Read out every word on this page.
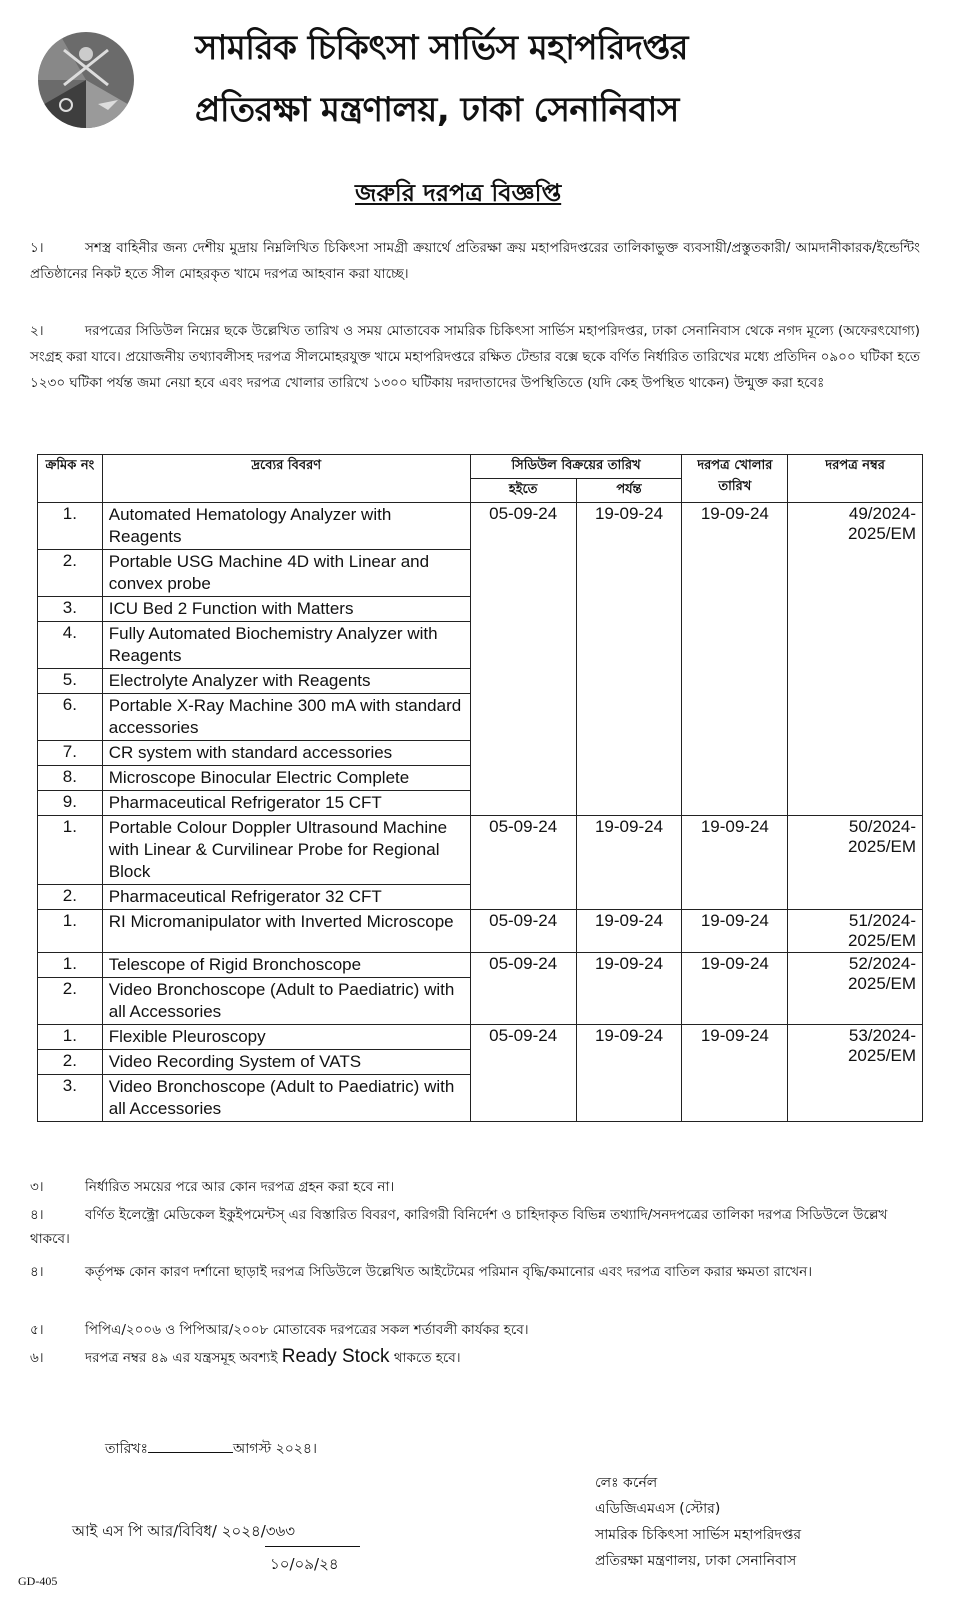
সামরিক চিকিৎসা সার্ভিস মহাপরিদপ্তর
প্রতিরক্ষা মন্ত্রণালয়, ঢাকা সেনানিবাস
জরুরি দরপত্র বিজ্ঞপ্তি
১।	সশস্ত্র বাহিনীর জন্য দেশীয় মুদ্রায় নিম্নলিখিত চিকিৎসা সামগ্রী ক্রয়ার্থে প্রতিরক্ষা ক্রয় মহাপরিদপ্তরের তালিকাভুক্ত ব্যবসায়ী/প্রস্তুতকারী/ আমদানীকারক/ইন্ডেন্টিং প্রতিষ্ঠানের নিকট হতে সীল মোহরকৃত খামে দরপত্র আহবান করা যাচ্ছে।
২।	দরপত্রের সিডিউল নিম্নের ছকে উল্লেখিত তারিখ ও সময় মোতাবেক সামরিক চিকিৎসা সার্ভিস মহাপরিদপ্তর, ঢাকা সেনানিবাস থেকে নগদ মূল্যে (অফেরৎযোগ্য) সংগ্রহ করা যাবে। প্রয়োজনীয় তথ্যাবলীসহ দরপত্র সীলমোহরযুক্ত খামে মহাপরিদপ্তরে রক্ষিত টেন্ডার বক্সে ছকে বর্ণিত নির্ধারিত তারিখের মধ্যে প্রতিদিন ০৯০০ ঘটিকা হতে ১২৩০ ঘটিকা পর্যন্ত জমা নেয়া হবে এবং দরপত্র খোলার তারিখে ১৩০০ ঘটিকায় দরদাতাদের উপস্থিতিতে (যদি কেহ উপস্থিত থাকেন) উন্মুক্ত করা হবেঃ
ক্রমিক নং	দ্রব্যের বিবরণ	সিডিউল বিক্রয়ের তারিখ		দরপত্র খোলার তারিখ	দরপত্র নম্বর
		হইতে	পর্যন্ত		
1.	Automated Hematology Analyzer with Reagents	05-09-24	19-09-24	19-09-24	49/2024-2025/EM
2.	Portable USG Machine 4D with Linear and convex probe				
3.	ICU Bed 2 Function with Matters				
4.	Fully Automated Biochemistry Analyzer with Reagents				
5.	Electrolyte Analyzer with Reagents				
6.	Portable X-Ray Machine 300 mA with standard accessories				
7.	CR system with standard accessories				
8.	Microscope Binocular Electric Complete				
9.	Pharmaceutical Refrigerator 15 CFT				
1.	Portable Colour Doppler Ultrasound Machine with Linear & Curvilinear Probe for Regional Block	05-09-24	19-09-24	19-09-24	50/2024-2025/EM
2.	Pharmaceutical Refrigerator 32 CFT				
1.	RI Micromanipulator with Inverted Microscope	05-09-24	19-09-24	19-09-24	51/2024-2025/EM
1.	Telescope of Rigid Bronchoscope	05-09-24	19-09-24	19-09-24	52/2024-2025/EM
2.	Video Bronchoscope (Adult to Paediatric) with all Accessories				
1.	Flexible Pleuroscopy	05-09-24	19-09-24	19-09-24	53/2024-2025/EM
2.	Video Recording System of VATS				
3.	Video Bronchoscope (Adult to Paediatric) with all Accessories				
৩।	নির্ধারিত সময়ের পরে আর কোন দরপত্র গ্রহন করা হবে না।
৪।	বর্ণিত ইলেক্ট্রো মেডিকেল ইকুইপমেন্টস্ এর বিস্তারিত বিবরণ, কারিগরী বিনির্দেশ ও চাহিদাকৃত বিভিন্ন তথ্যাদি/সনদপত্রের তালিকা দরপত্র সিডিউলে উল্লেখ থাকবে।
৪।	কর্তৃপক্ষ কোন কারণ দর্শানো ছাড়াই দরপত্র সিডিউলে উল্লেখিত আইটেমের পরিমান বৃদ্ধি/কমানোর এবং দরপত্র বাতিল করার ক্ষমতা রাখেন।
৫।	পিপিএ/২০০৬ ও পিপিআর/২০০৮ মোতাবেক দরপত্রের সকল শর্তাবলী কার্যকর হবে।
৬।	দরপত্র নম্বর ৪৯ এর যন্ত্রসমূহ অবশ্যই Ready Stock থাকতে হবে।
তারিখঃ	আগস্ট ২০২৪।
লেঃ কর্নেল
এডিজিএমএস (স্টোর)
সামরিক চিকিৎসা সার্ভিস মহাপরিদপ্তর
প্রতিরক্ষা মন্ত্রণালয়, ঢাকা সেনানিবাস
আই এস পি আর/বিবিধ/ ২০২৪/৩৬৩
১০/০৯/২৪
GD-405
